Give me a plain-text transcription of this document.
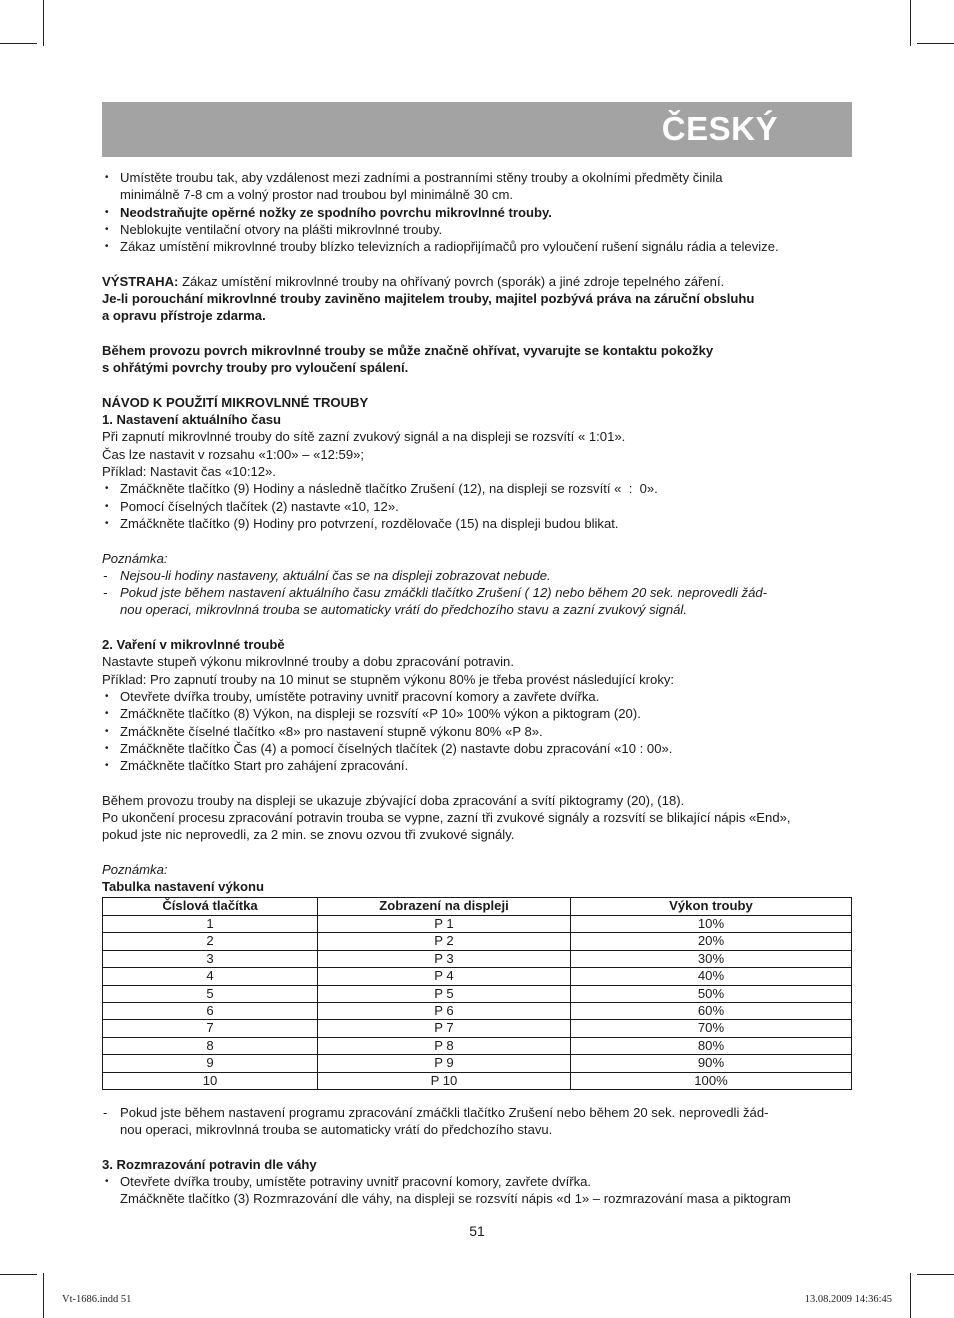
ČESKÝ
• Umístěte troubu tak, aby vzdálenost mezi zadními a postranními stěny trouby a okolními předměty činila
minimálně 7-8 cm a volný prostor nad troubou byl minimálně 30 cm.
• Neodstraňujte opěrné nožky ze spodního povrchu mikrovlnné trouby.
• Neblokujte ventilační otvory na plášti mikrovlnné trouby.
• Zákaz umístění mikrovlnné trouby blízko televizních a radiopřijímačů pro vyloučení rušení signálu rádia a televize.
VÝSTRAHA: Zákaz umístění mikrovlnné trouby na ohřívaný povrch (sporák) a jiné zdroje tepelného záření.
Je-li porouchání mikrovlnné trouby zaviněno majitelem trouby, majitel pozbývá práva na záruční obsluhu
a opravu přístroje zdarma.
Během provozu povrch mikrovlnné trouby se může značně ohřívat, vyvarujte se kontaktu pokožky
s ohřátými povrchy trouby pro vyloučení spálení.
NÁVOD K POUŽITÍ MIKROVLNNÉ TROUBY
1. Nastavení aktuálního času
Při zapnutí mikrovlnné trouby do sítě zazní zvukový signál a na displeji se rozsvítí « 1:01».
Čas lze nastavit v rozsahu «1:00» – «12:59»;
Příklad: Nastavit čas «10:12».
• Zmáčkněte tlačítko (9) Hodiny a následně tlačítko Zrušení (12), na displeji se rozsvítí «  :  0».
• Pomocí číselných tlačítek (2) nastavte «10, 12».
• Zmáčkněte tlačítko (9) Hodiny pro potvrzení, rozdělovače (15) na displeji budou blikat.
Poznámka:
- Nejsou-li hodiny nastaveny, aktuální čas se na displeji zobrazovat nebude.
- Pokud jste během nastavení aktuálního času zmáčkli tlačítko Zrušení ( 12) nebo během 20 sek. neprovedli žád-
nou operaci, mikrovlnná trouba se automaticky vrátí do předchozího stavu a zazní zvukový signál.
2. Vaření v mikrovlnné troubě
Nastavte stupeň výkonu mikrovlnné trouby a dobu zpracování potravin.
Příklad: Pro zapnutí trouby na 10 minut se stupněm výkonu 80% je třeba provést následující kroky:
• Otevřete dvířka trouby, umístěte potraviny uvnitř pracovní komory a zavřete dvířka.
• Zmáčkněte tlačítko (8) Výkon, na displeji se rozsvítí «P 10» 100% výkon a piktogram (20).
• Zmáčkněte číselné tlačítko «8» pro nastavení stupně výkonu 80% «P 8».
• Zmáčkněte tlačítko Čas (4) a pomocí číselných tlačítek (2) nastavte dobu zpracování «10 : 00».
• Zmáčkněte tlačítko Start pro zahájení zpracování.
Během provozu trouby na displeji se ukazuje zbývající doba zpracování a svítí piktogramy (20), (18).
Po ukončení procesu zpracování potravin trouba se vypne, zazní tři zvukové signály a rozsvítí se blikající nápis «End»,
pokud jste nic neprovedli, za 2 min. se znovu ozvou tři zvukové signály.
Poznámka:
Tabulka nastavení výkonu
Číslová tlačítka	Zobrazení na displeji	Výkon trouby
1	P 1	10%
2	P 2	20%
3	P 3	30%
4	P 4	40%
5	P 5	50%
6	P 6	60%
7	P 7	70%
8	P 8	80%
9	P 9	90%
10	P 10	100%
- Pokud jste během nastavení programu zpracování zmáčkli tlačítko Zrušení nebo během 20 sek. neprovedli žád-
nou operaci, mikrovlnná trouba se automaticky vrátí do předchozího stavu.
3. Rozmrazování potravin dle váhy
• Otevřete dvířka trouby, umístěte potraviny uvnitř pracovní komory, zavřete dvířka.
Zmáčkněte tlačítko (3) Rozmrazování dle váhy, na displeji se rozsvítí nápis «d 1» – rozmrazování masa a piktogram
51
Vt-1686.indd 51	13.08.2009 14:36:45
